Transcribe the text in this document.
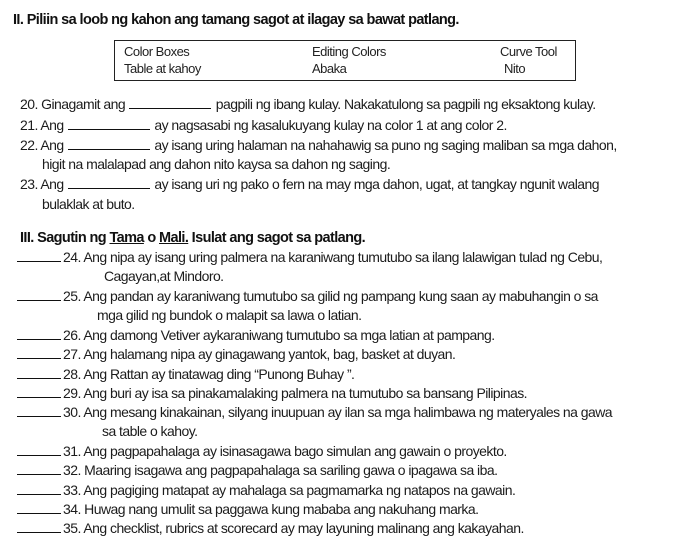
II. Piliin sa loob ng kahon ang tamang sagot at ilagay sa bawat patlang.
Color Boxes	Editing Colors	Curve Tool
Table at kahoy	Abaka	Nito
20. Ginagamit ang	pagpili ng ibang kulay. Nakakatulong sa pagpili ng eksaktong kulay.
21. Ang	ay nagsasabi ng kasalukuyang kulay na color 1 at ang color 2.
22. Ang	ay isang uring halaman na nahahawig sa puno ng saging maliban sa mga dahon,
higit na malalapad ang dahon nito kaysa sa dahon ng saging.
23. Ang	ay isang uri ng pako o fern na may mga dahon, ugat, at tangkay ngunit walang
bulaklak at buto.
III. Sagutin ng Tama o Mali. Isulat ang sagot sa patlang.
24. Ang nipa ay isang uring palmera na karaniwang tumutubo sa ilang lalawigan tulad ng Cebu,
Cagayan,at Mindoro.
25. Ang pandan ay karaniwang tumutubo sa gilid ng pampang kung saan ay mabuhangin o sa
mga gilid ng bundok o malapit sa lawa o latian.
26. Ang damong Vetiver aykaraniwang tumutubo sa mga latian at pampang.
27. Ang halamang nipa ay ginagawang yantok, bag, basket at duyan.
28. Ang Rattan ay tinatawag ding “Punong Buhay ”.
29. Ang buri ay isa sa pinakamalaking palmera na tumutubo sa bansang Pilipinas.
30. Ang mesang kinakainan, silyang inuupuan ay ilan sa mga halimbawa ng materyales na gawa
sa table o kahoy.
31. Ang pagpapahalaga ay isinasagawa bago simulan ang gawain o proyekto.
32. Maaring isagawa ang pagpapahalaga sa sariling gawa o ipagawa sa iba.
33. Ang pagiging matapat ay mahalaga sa pagmamarka ng natapos na gawain.
34. Huwag nang umulit sa paggawa kung mababa ang nakuhang marka.
35. Ang checklist, rubrics at scorecard ay may layuning malinang ang kakayahan.
